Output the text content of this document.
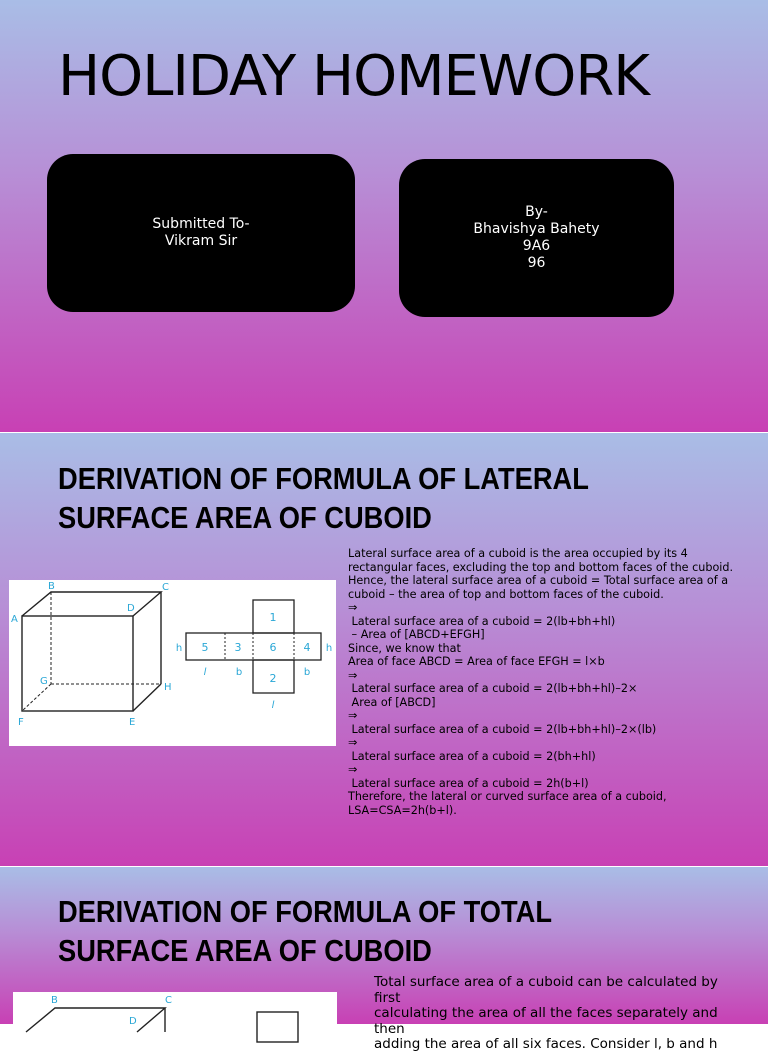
HOLIDAY HOMEWORK
Submitted To-
Vikram Sir
By-
Bhavishya Bahety
9A6
96
DERIVATION OF FORMULA OF LATERAL
SURFACE AREA OF CUBOID
A
B	C
D
E
F
G
H
1
2
3	4
5	6
h	h
l	b	b
l
Lateral surface area of a cuboid is the area occupied by its 4
rectangular faces, excluding the top and bottom faces of the cuboid.
Hence, the lateral surface area of a cuboid = Total surface area of a
cuboid – the area of top and bottom faces of the cuboid.
⇒
Lateral surface area of a cuboid = 2(lb+bh+hl)
– Area of [ABCD+EFGH]
Since, we know that
Area of face ABCD = Area of face EFGH = l×b
⇒
Lateral surface area of a cuboid = 2(lb+bh+hl)–2×
Area of [ABCD]
⇒
Lateral surface area of a cuboid = 2(lb+bh+hl)–2×(lb)
⇒
Lateral surface area of a cuboid = 2(bh+hl)
⇒
Lateral surface area of a cuboid = 2h(b+l)
Therefore, the lateral or curved surface area of a cuboid,
LSA=CSA=2h(b+l).
DERIVATION OF FORMULA OF TOTAL
SURFACE AREA OF CUBOID
B	C
D
Total surface area of a cuboid can be calculated by first
calculating the area of all the faces separately and then
adding the area of all six faces. Consider l, b and h
